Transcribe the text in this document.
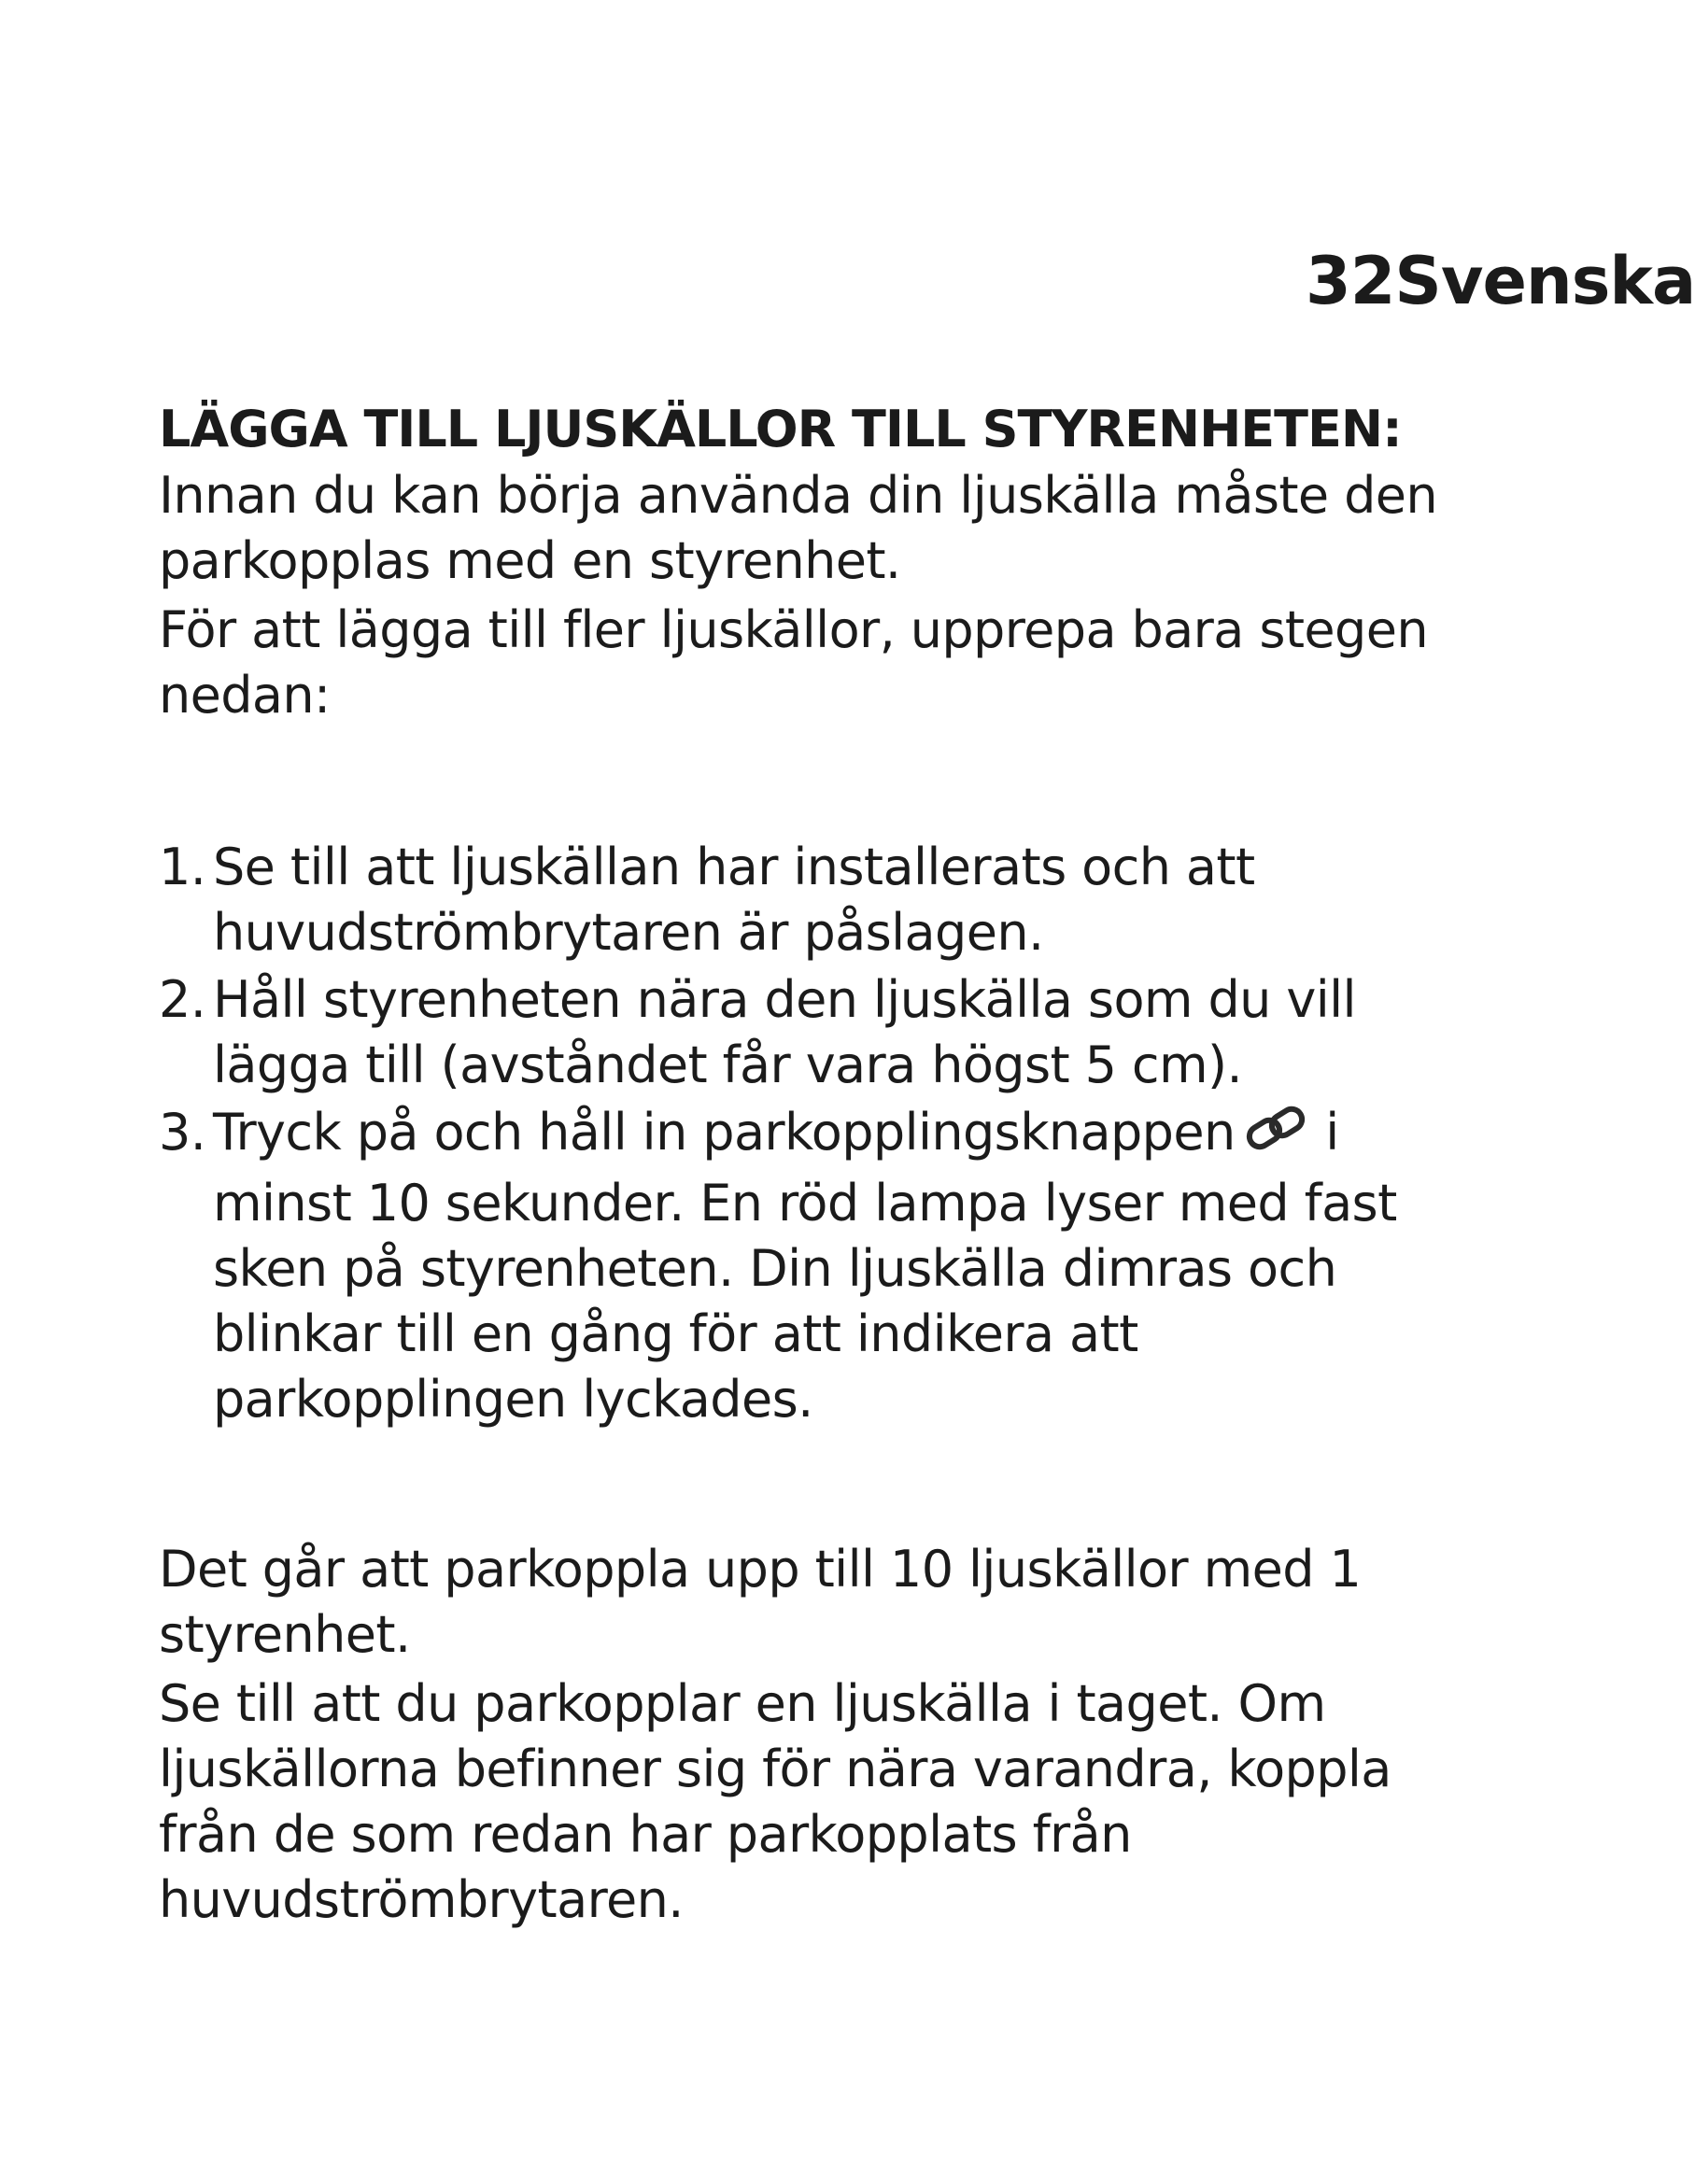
32Svenska
LÄGGA TILL LJUSKÄLLOR TILL STYRENHETEN:

Innan du kan börja använda din ljuskälla måste den parkopplas med en styrenhet.

För att lägga till fler ljuskällor, upprepa bara stegen nedan:

1. Se till att ljuskällan har installerats och att huvudströmbrytaren är påslagen.
2. Håll styrenheten nära den ljuskälla som du vill lägga till (avståndet får vara högst 5 cm).
3. Tryck på och håll in parkopplingsknappen i minst 10 sekunder. En röd lampa lyser med fast sken på styrenheten. Din ljuskälla dimras och blinkar till en gång för att indikera att parkopplingen lyckades.

Det går att parkoppla upp till 10 ljuskällor med 1 styrenhet.

Se till att du parkopplar en ljuskälla i taget. Om ljuskällorna befinner sig för nära varandra, koppla från de som redan har parkopplats från huvudströmbrytaren.
